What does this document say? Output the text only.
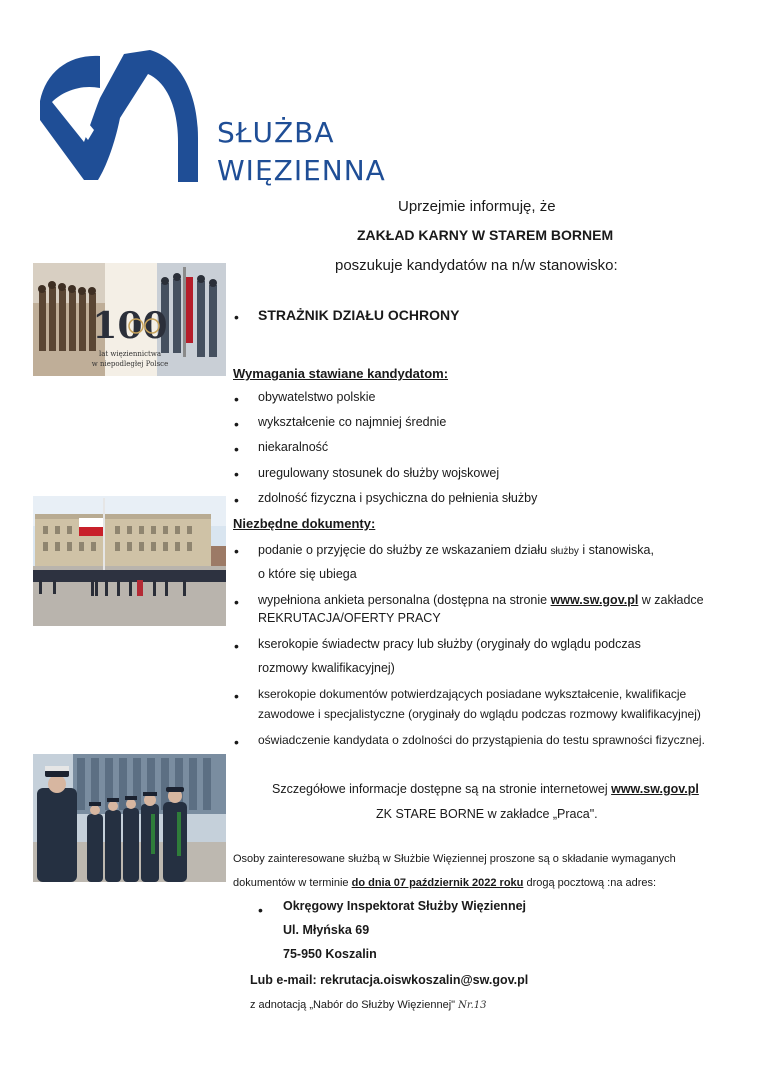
SŁUŻBA
WIĘZIENNA
Uprzejmie informuję, że
ZAKŁAD KARNY W STAREM BORNEM
poszukuje kandydatów na n/w stanowisko:
100
lat więziennictwa
w niepodległej Polsce
• STRAŻNIK DZIAŁU OCHRONY
Wymagania stawiane kandydatom:
• obywatelstwo polskie
• wykształcenie co najmniej średnie
• niekaralność
• uregulowany stosunek do służby wojskowej
• zdolność fizyczna i psychiczna do pełnienia służby
Niezbędne dokumenty:
• podanie o przyjęcie do służby ze wskazaniem działu służby i stanowiska,
o które się ubiega
• wypełniona ankieta personalna (dostępna na stronie www.sw.gov.pl w zakładce
REKRUTACJA/OFERTY PRACY
• kserokopie świadectw pracy lub służby (oryginały do wglądu podczas
rozmowy kwalifikacyjnej)
• kserokopie dokumentów potwierdzających posiadane wykształcenie, kwalifikacje
zawodowe i specjalistyczne (oryginały do wglądu podczas rozmowy kwalifikacyjnej)
• oświadczenie kandydata o zdolności do przystąpienia do testu sprawności fizycznej.
Szczegółowe informacje dostępne są na stronie internetowej www.sw.gov.pl
ZK STARE BORNE w zakładce „Praca".
Osoby zainteresowane służbą w Służbie Więziennej proszone są o składanie wymaganych
dokumentów w terminie do dnia 07 październik 2022 roku drogą pocztową :na adres:
• Okręgowy Inspektorat Służby Więziennej
Ul. Młyńska 69
75-950 Koszalin
Lub e-mail: rekrutacja.oiswkoszalin@sw.gov.pl
z adnotacją „Nabór do Służby Więziennej" Nr.13
